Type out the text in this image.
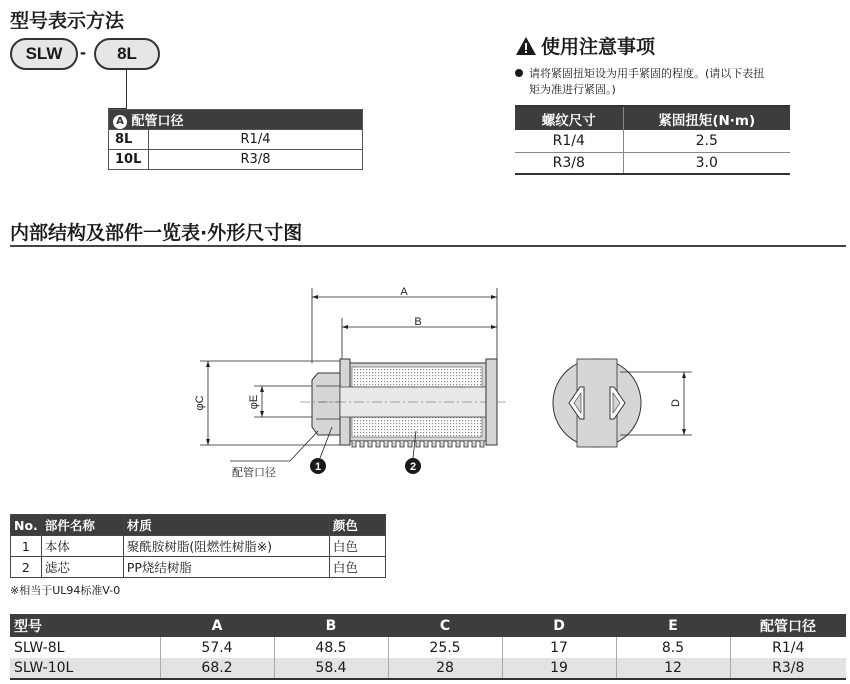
型号表示方法
SLW -	8L
A 配管口径	
8L	R1/4
10L	R3/8
使用注意事项
请将紧固扭矩设为用手紧固的程度。(请以下表扭
矩为准进行紧固。)
螺纹尺寸	紧固扭矩(N·m)
R1/4	2.5
R3/8	3.0
内部结构及部件一览表·外形尺寸图
A
B
φC	φE
1	2
配管口径
D
No.	部件名称	材质	颜色
1	本体	聚酰胺树脂(阻燃性树脂※)	白色
2	滤芯	PP烧结树脂	白色
※相当于UL94标准V-0
型号	A	B	C	D	E	配管口径
SLW-8L	57.4	48.5	25.5	17	8.5	R1/4
SLW-10L	68.2	58.4	28	19	12	R3/8
